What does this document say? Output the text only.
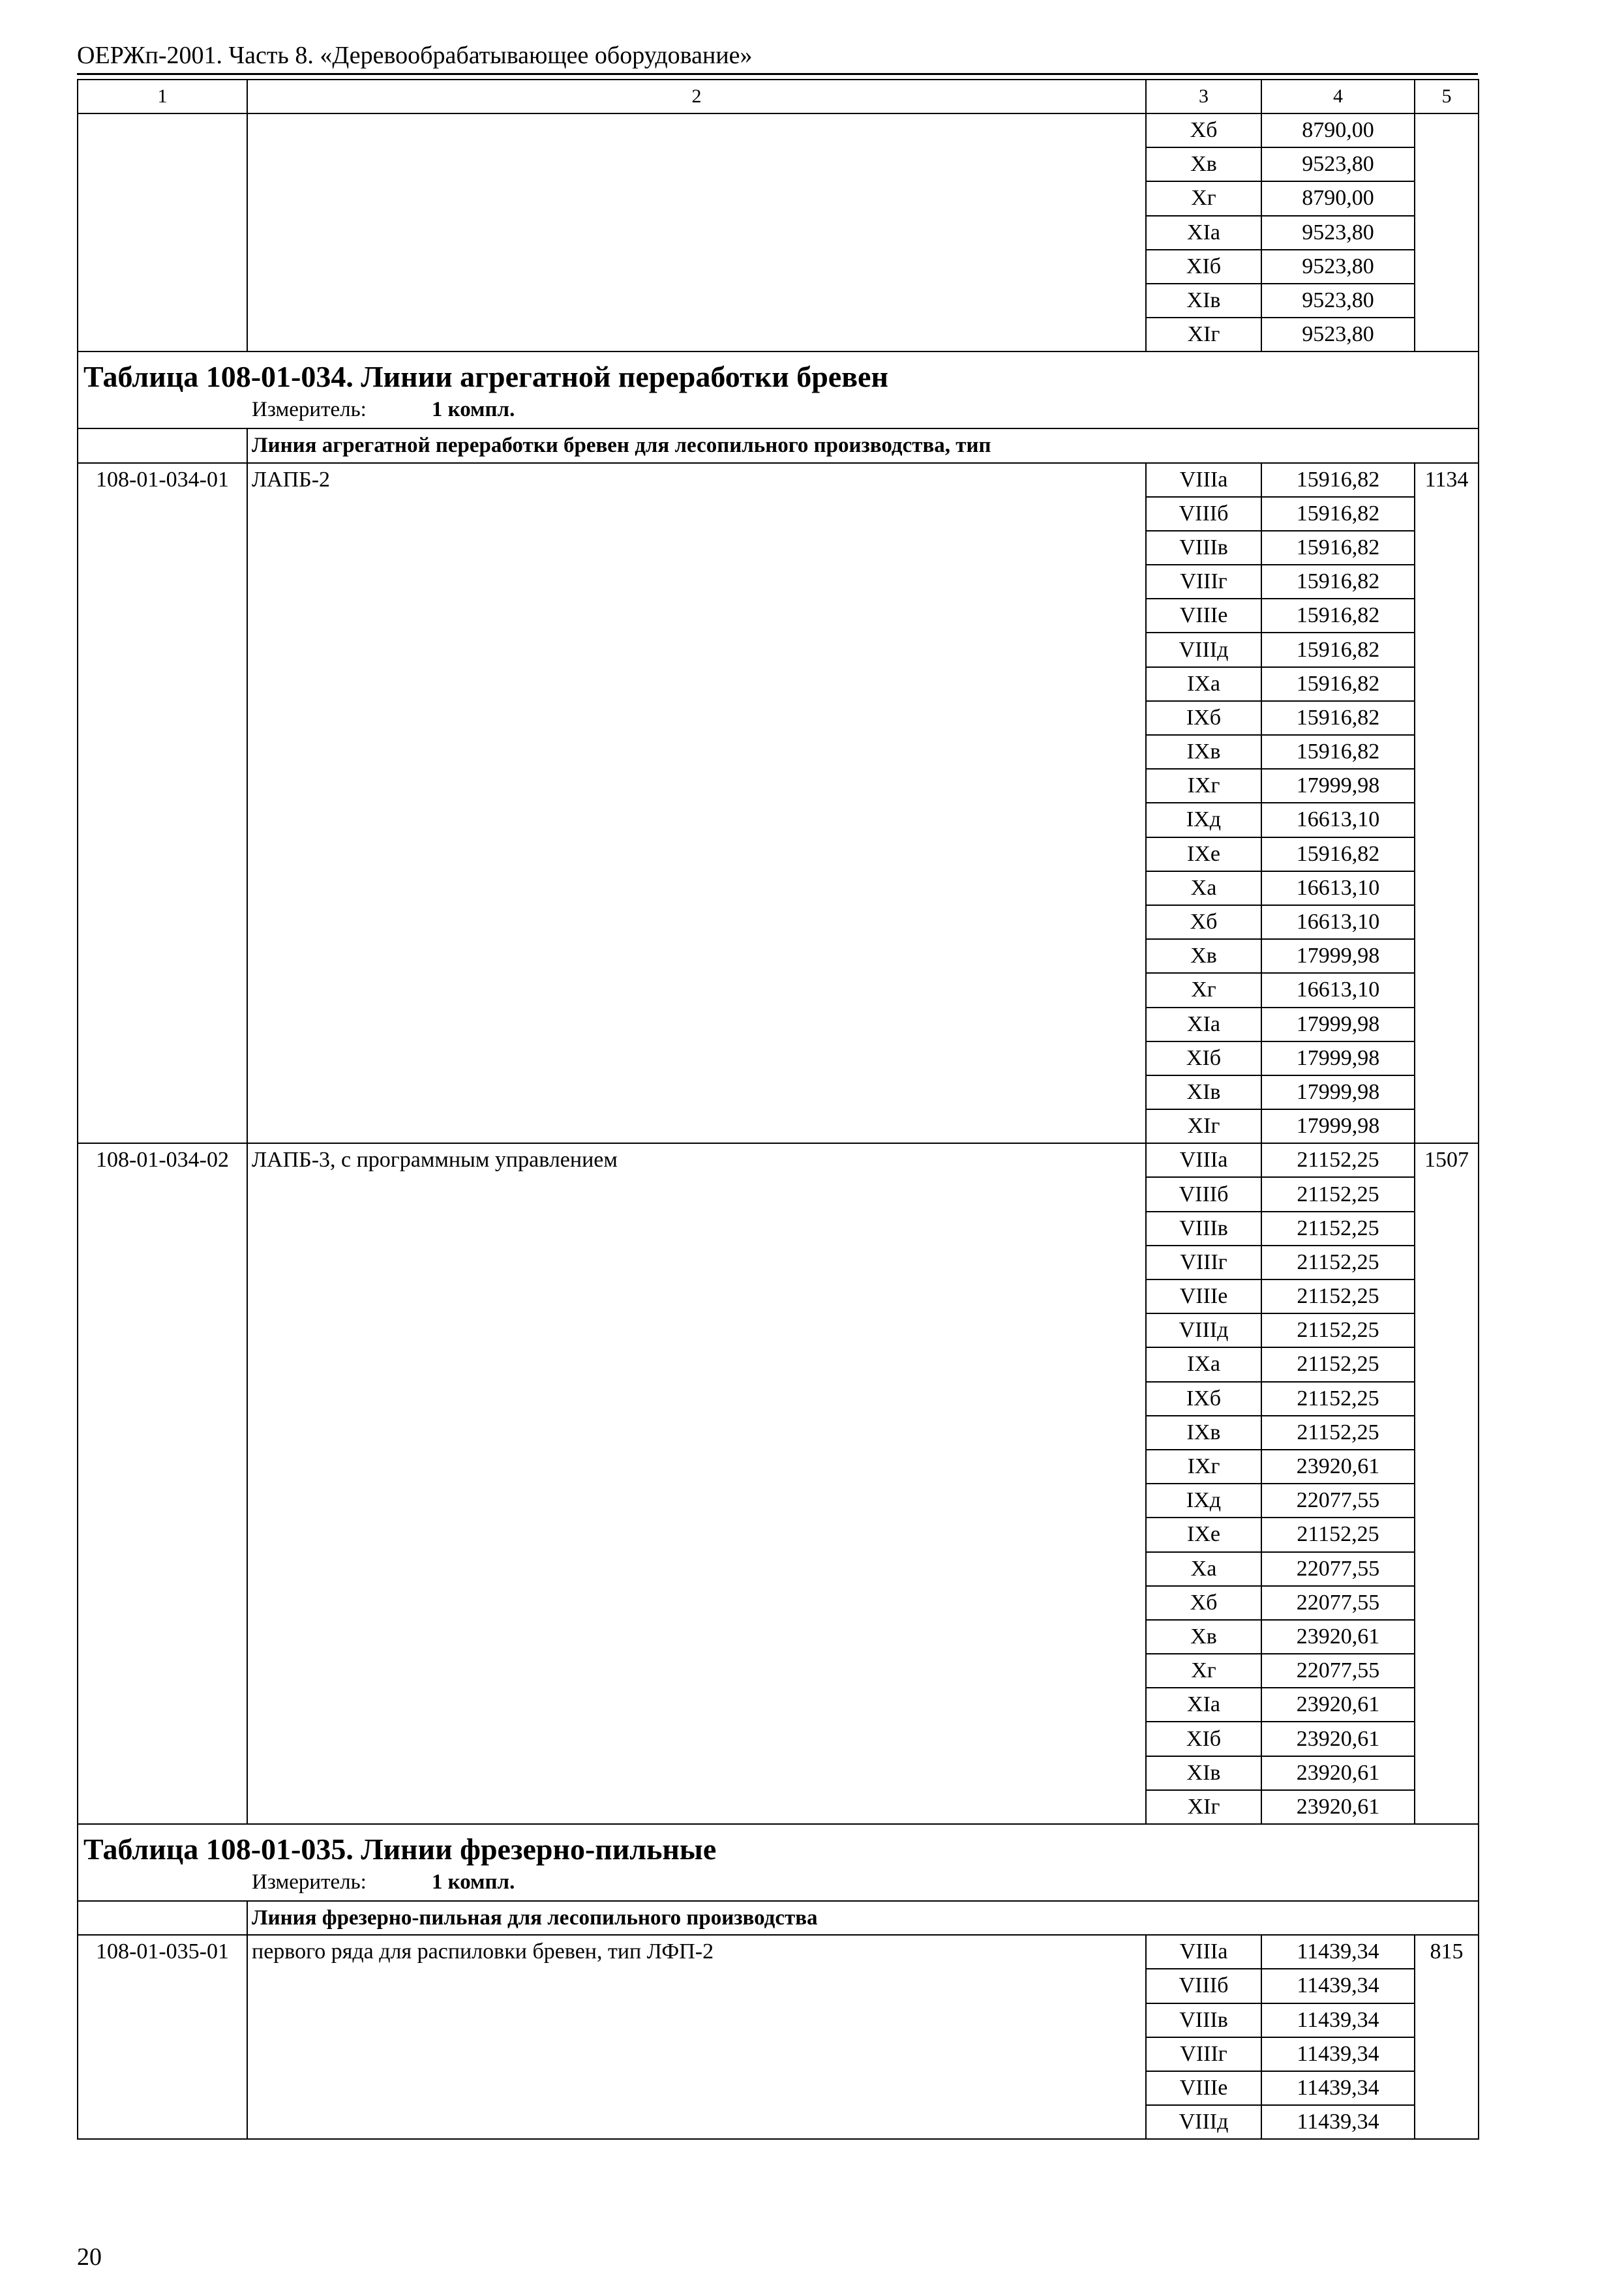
ОЕРЖп-2001. Часть 8. «Деревообрабатывающее оборудование»
1	2	3	4	5
		Xб	8790,00	
		Xв	9523,80	
		Xг	8790,00	
		XIа	9523,80	
		XIб	9523,80	
		XIв	9523,80	
		XIг	9523,80	
Таблица 108-01-034. Линии агрегатной переработки бревен
Измеритель: 1 компл.				

	Линия агрегатной переработки бревен для лесопильного производства, тип			
108-01-034-01	ЛАПБ-2	VIIIа	15916,82	1134
		VIIIб	15916,82	
		VIIIв	15916,82	
		VIIIг	15916,82	
		VIIIе	15916,82	
		VIIIд	15916,82	
		IXа	15916,82	
		IXб	15916,82	
		IXв	15916,82	
		IXг	17999,98	
		IXд	16613,10	
		IXе	15916,82	
		Xа	16613,10	
		Xб	16613,10	
		Xв	17999,98	
		Xг	16613,10	
		XIа	17999,98	
		XIб	17999,98	
		XIв	17999,98	
		XIг	17999,98	
108-01-034-02	ЛАПБ-3, с программным управлением	VIIIа	21152,25	1507
		VIIIб	21152,25	
		VIIIв	21152,25	
		VIIIг	21152,25	
		VIIIе	21152,25	
		VIIIд	21152,25	
		IXа	21152,25	
		IXб	21152,25	
		IXв	21152,25	
		IXг	23920,61	
		IXд	22077,55	
		IXе	21152,25	
		Xа	22077,55	
		Xб	22077,55	
		Xв	23920,61	
		Xг	22077,55	
		XIа	23920,61	
		XIб	23920,61	
		XIв	23920,61	
		XIг	23920,61	
Таблица 108-01-035. Линии фрезерно-пильные
Измеритель: 1 компл.				

	Линия фрезерно-пильная для лесопильного производства			
108-01-035-01	первого ряда для распиловки бревен, тип ЛФП-2	VIIIа	11439,34	815
		VIIIб	11439,34	
		VIIIв	11439,34	
		VIIIг	11439,34	
		VIIIе	11439,34	
		VIIIд	11439,34	
20
